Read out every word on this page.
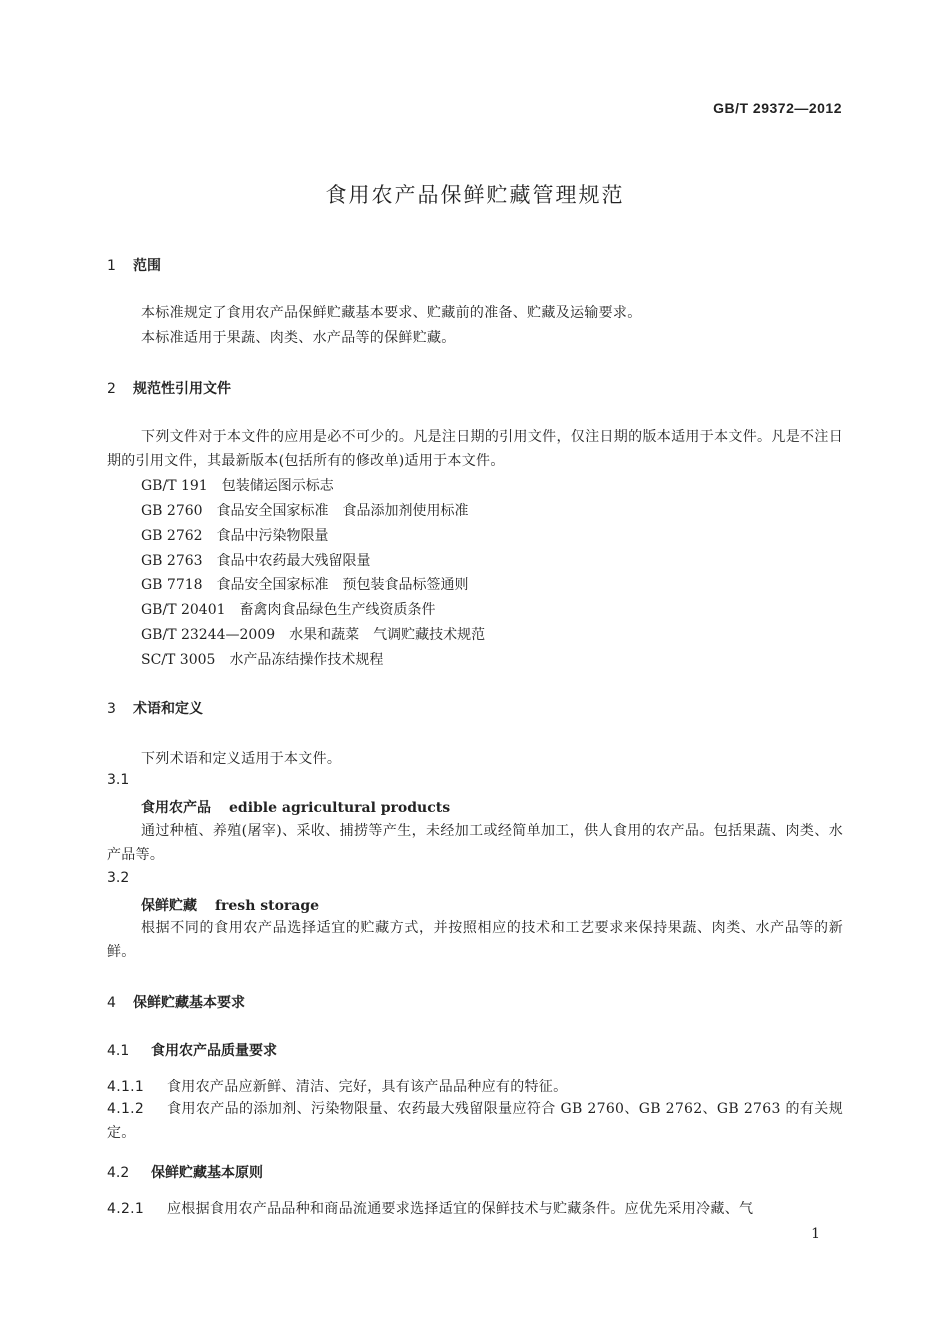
GB/T 29372—2012
食用农产品保鲜贮藏管理规范
1 范围
本标准规定了食用农产品保鲜贮藏基本要求、贮藏前的准备、贮藏及运输要求。
本标准适用于果蔬、肉类、水产品等的保鲜贮藏。
2 规范性引用文件
下列文件对于本文件的应用是必不可少的。凡是注日期的引用文件，仅注日期的版本适用于本文件。凡是不注日期的引用文件，其最新版本(包括所有的修改单)适用于本文件。
GB/T 191 包装储运图示标志
GB 2760 食品安全国家标准　食品添加剂使用标准
GB 2762 食品中污染物限量
GB 2763 食品中农药最大残留限量
GB 7718 食品安全国家标准　预包装食品标签通则
GB/T 20401 畜禽肉食品绿色生产线资质条件
GB/T 23244—2009 水果和蔬菜　气调贮藏技术规范
SC/T 3005 水产品冻结操作技术规程
3 术语和定义
下列术语和定义适用于本文件。
3.1
食用农产品 edible agricultural products
通过种植、养殖(屠宰)、采收、捕捞等产生，未经加工或经简单加工，供人食用的农产品。包括果蔬、肉类、水产品等。
3.2
保鲜贮藏 fresh storage
根据不同的食用农产品选择适宜的贮藏方式，并按照相应的技术和工艺要求来保持果蔬、肉类、水产品等的新鲜。
4 保鲜贮藏基本要求
4.1 食用农产品质量要求
4.1.1 食用农产品应新鲜、清洁、完好，具有该产品品种应有的特征。
4.1.2 食用农产品的添加剂、污染物限量、农药最大残留限量应符合 GB 2760、GB 2762、GB 2763 的有关规定。
4.2 保鲜贮藏基本原则
4.2.1 应根据食用农产品品种和商品流通要求选择适宜的保鲜技术与贮藏条件。应优先采用冷藏、气
1
